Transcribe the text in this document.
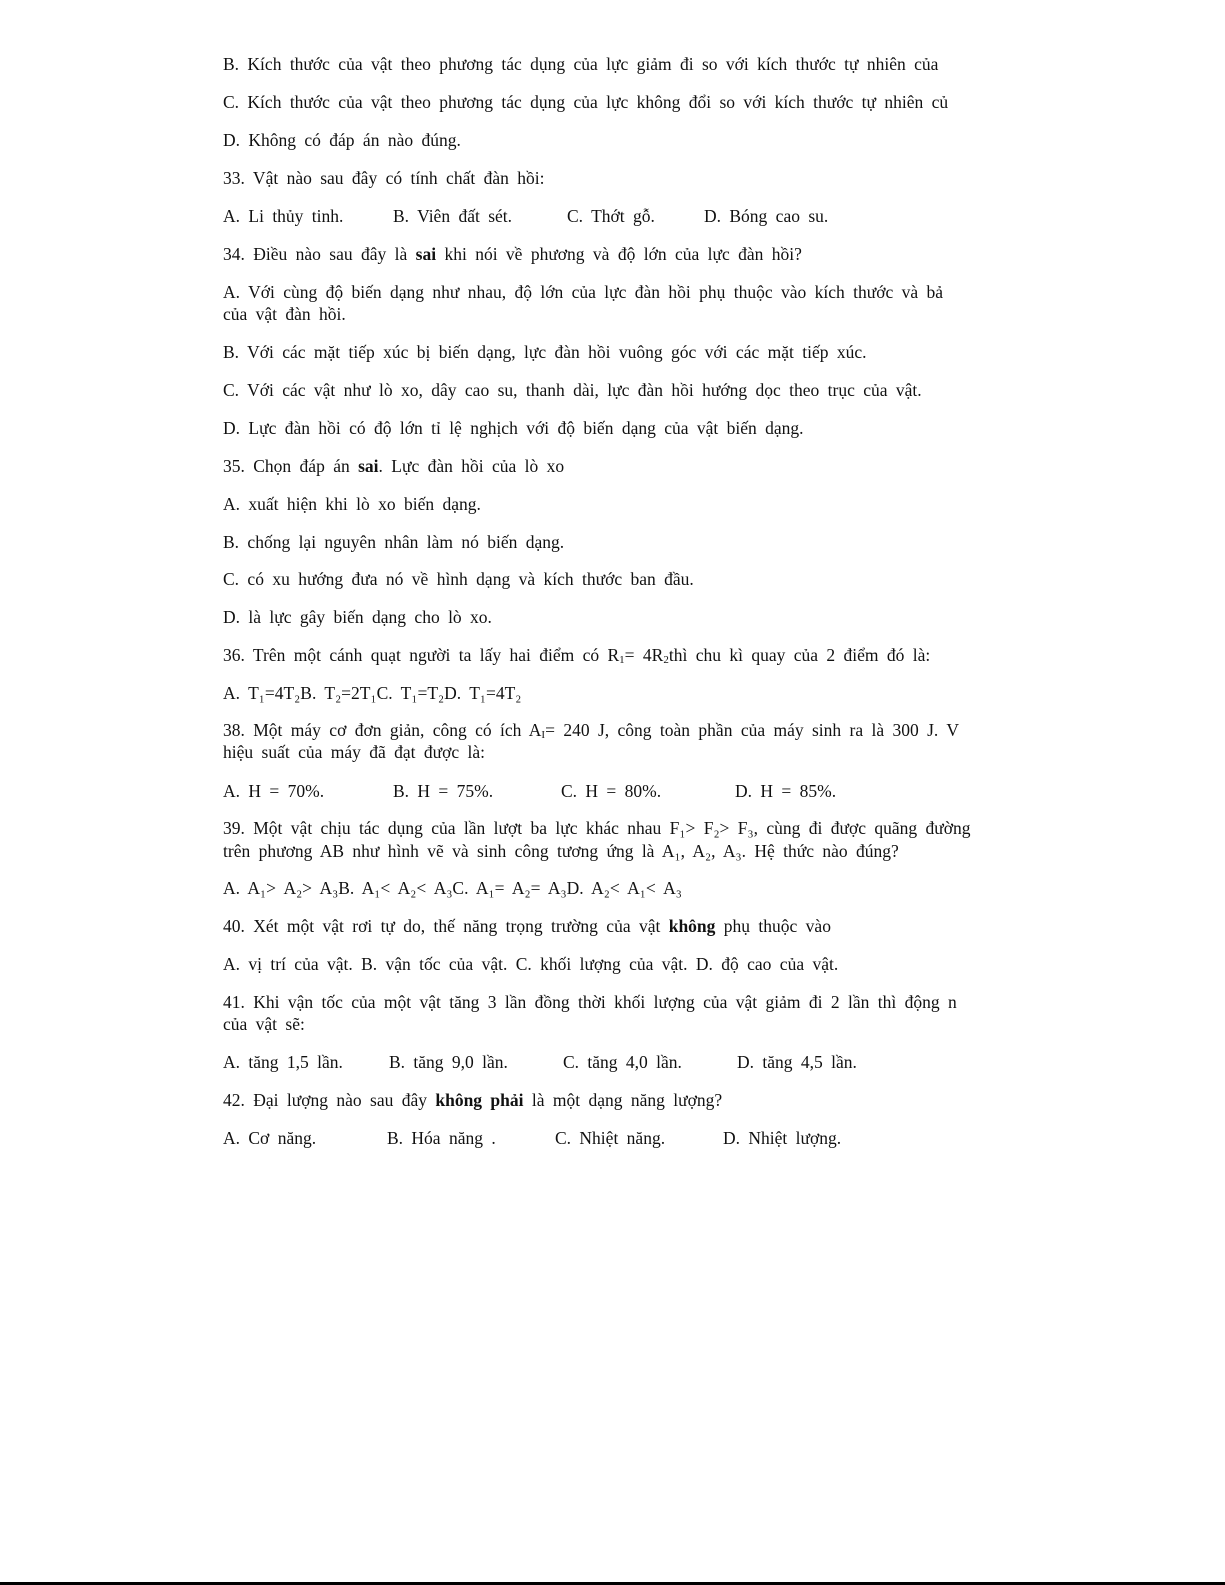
B. Kích thước của vật theo phương tác dụng của lực giảm đi so với kích thước tự nhiên của
C. Kích thước của vật theo phương tác dụng của lực không đổi so với kích thước tự nhiên củ
D. Không có đáp án nào đúng.
33. Vật nào sau đây có tính chất đàn hồi:
A. Li thủy tinh.	B. Viên đất sét.	C. Thớt gỗ.	D. Bóng cao su.
34. Điều nào sau đây là sai khi nói về phương và độ lớn của lực đàn hồi?
A. Với cùng độ biến dạng như nhau, độ lớn của lực đàn hồi phụ thuộc vào kích thước và bả
của vật đàn hồi.
B. Với các mặt tiếp xúc bị biến dạng, lực đàn hồi vuông góc với các mặt tiếp xúc.
C. Với các vật như lò xo, dây cao su, thanh dài, lực đàn hồi hướng dọc theo trục của vật.
D. Lực đàn hồi có độ lớn tỉ lệ nghịch với độ biến dạng của vật biến dạng.
35. Chọn đáp án sai. Lực đàn hồi của lò xo
A. xuất hiện khi lò xo biến dạng.
B. chống lại nguyên nhân làm nó biến dạng.
C. có xu hướng đưa nó về hình dạng và kích thước ban đầu.
D. là lực gây biến dạng cho lò xo.
36. Trên một cánh quạt người ta lấy hai điểm có $R_1=$ $4R_2thì$ chu kì quay của 2 điểm đó là:
A. T₁=4T₂B. T₂=2T₁C. T₁=T₂D. T₁=4T₂
38. Một máy cơ đơn giản, công có ích $A_I= 240$ J, công toàn phần của máy sinh ra là 300 J. V
hiệu suất của máy đã đạt được là:
A. H = 70%.	B. H = 75%.	C. H = 80%.	D. H = 85%.
39. Một vật chịu tác dụng của lần lượt ba lực khác nhau F₁> F₂> F₃, cùng đi được quãng đường
trên phương AB như hình vẽ và sinh công tương ứng là A₁, A₂, A₃. Hệ thức nào đúng?
A. A₁> A₂> A₃B. A₁< A₂< A₃C. A₁= A₂= A₃D. A₂< A₁< A₃
40. Xét một vật rơi tự do, thế năng trọng trường của vật không phụ thuộc vào
A. vị trí của vật. B. vận tốc của vật. C. khối lượng của vật. D. độ cao của vật.
41. Khi vận tốc của một vật tăng 3 lần đồng thời khối lượng của vật giảm đi 2 lần thì động n
của vật sẽ:
A. tăng 1,5 lần.	B. tăng 9,0 lần.	C. tăng 4,0 lần.	D. tăng 4,5 lần.
42. Đại lượng nào sau đây không phải là một dạng năng lượng?
A. Cơ năng.	B. Hóa năng .	C. Nhiệt năng.	D. Nhiệt lượng.
